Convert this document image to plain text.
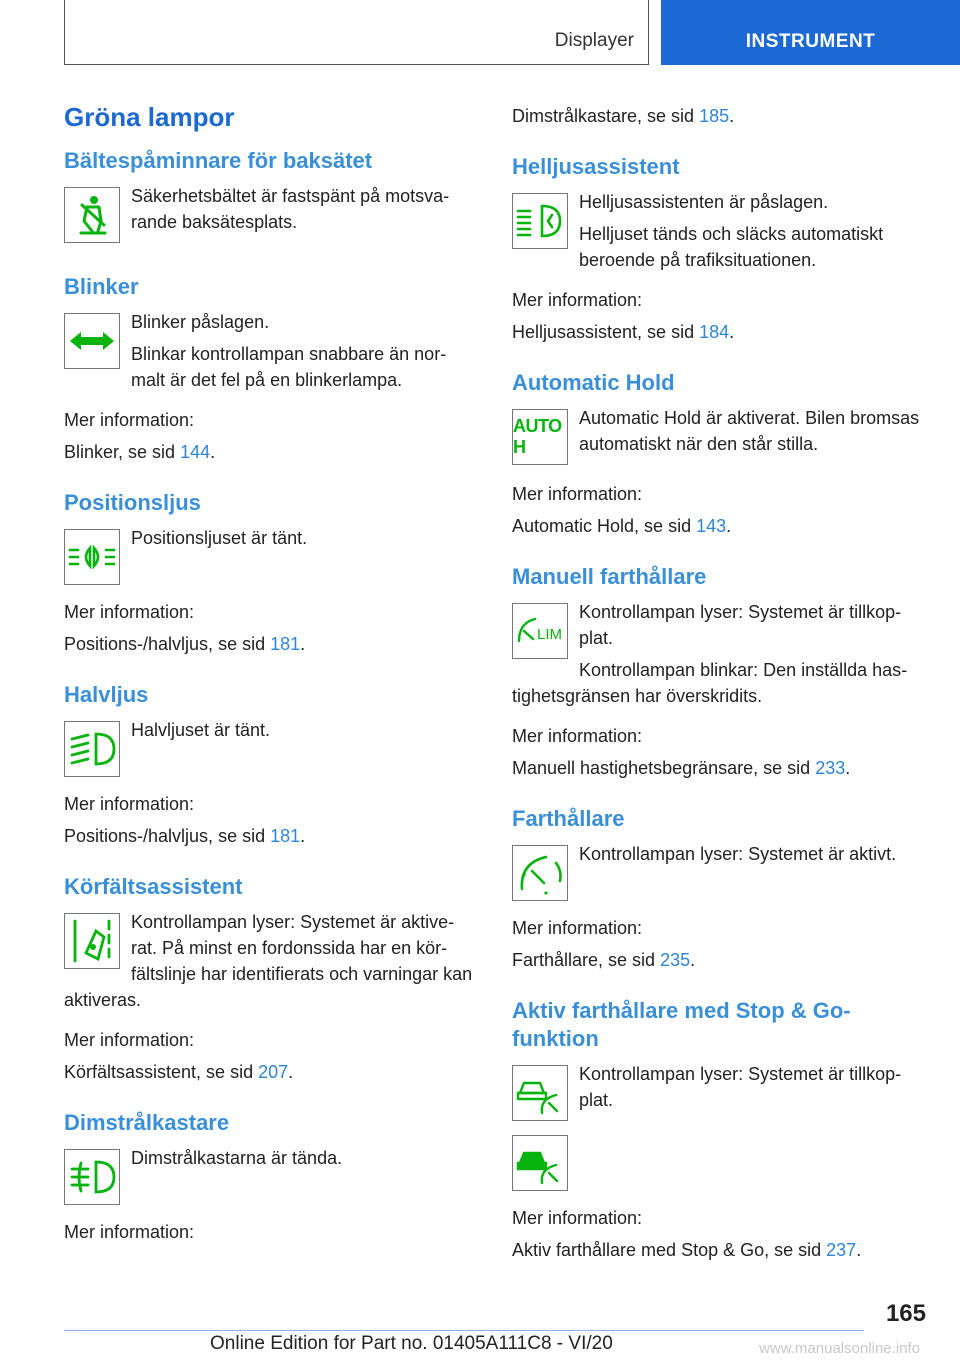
Displayer	INSTRUMENT
Gröna lampor
Bältespåminnare för baksätet
Säkerhetsbältet är fastspänt på motsvarande baksätesplats.
Blinker
Blinker påslagen.
Blinkar kontrollampan snabbare än normalt är det fel på en blinkerlampa.
Mer information:
Blinker, se sid 144.
Positionsljus
Positionsljuset är tänt.
Mer information:
Positions-/halvljus, se sid 181.
Halvljus
Halvljuset är tänt.
Mer information:
Positions-/halvljus, se sid 181.
Körfältsassistent
Kontrollampan lyser: Systemet är aktiverat. På minst en fordonssida har en körfältslinje har identifierats och varningar kan aktiveras.
Mer information:
Körfältsassistent, se sid 207.
Dimstrålkastare
Dimstrålkastarna är tända.
Mer information:
Dimstrålkastare, se sid 185.
Helljusassistent
Helljusassistenten är påslagen.
Helljuset tänds och släcks automatiskt beroende på trafiksituationen.
Mer information:
Helljusassistent, se sid 184.
Automatic Hold
AUTO H
Automatic Hold är aktiverat. Bilen bromsas automatiskt när den står stilla.
Mer information:
Automatic Hold, se sid 143.
Manuell farthållare
LIM
Kontrollampan lyser: Systemet är tillkopplat.
Kontrollampan blinkar: Den inställda hastighetsgränsen har överskridits.
Mer information:
Manuell hastighetsbegränsare, se sid 233.
Farthållare
Kontrollampan lyser: Systemet är aktivt.
Mer information:
Farthållare, se sid 235.
Aktiv farthållare med Stop & Go-funktion
Kontrollampan lyser: Systemet är tillkopplat.
Mer information:
Aktiv farthållare med Stop & Go, se sid 237.
165
Online Edition for Part no. 01405A111C8 - VI/20	www.manualsonline.info
